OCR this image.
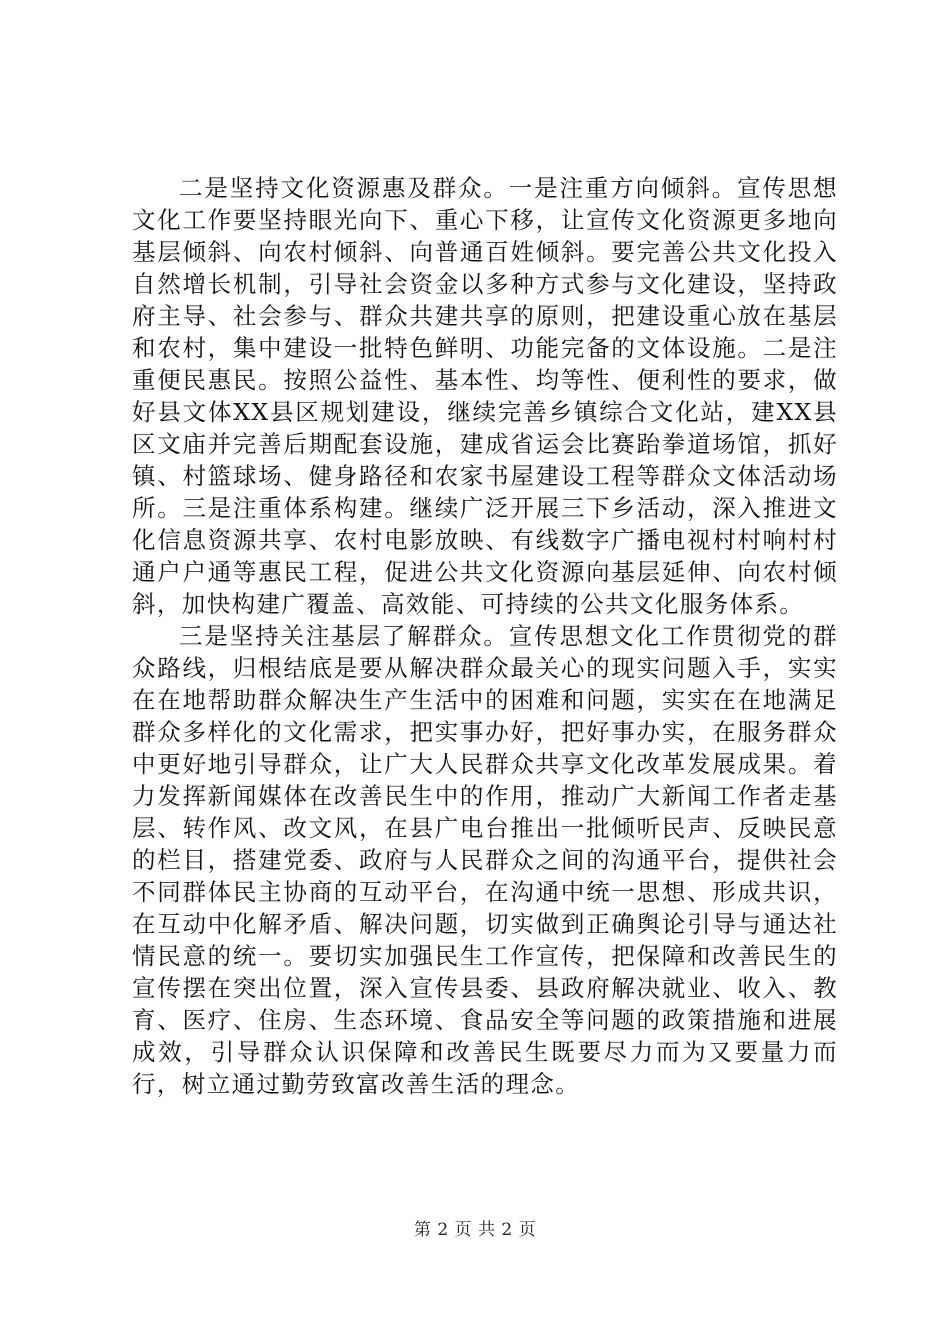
二是坚持文化资源惠及群众。一是注重方向倾斜。宣传思想文化工作要坚持眼光向下、重心下移，让宣传文化资源更多地向基层倾斜、向农村倾斜、向普通百姓倾斜。要完善公共文化投入自然增长机制，引导社会资金以多种方式参与文化建设，坚持政府主导、社会参与、群众共建共享的原则，把建设重心放在基层和农村，集中建设一批特色鲜明、功能完备的文体设施。二是注重便民惠民。按照公益性、基本性、均等性、便利性的要求，做好县文体XX县区规划建设，继续完善乡镇综合文化站，建XX县区文庙并完善后期配套设施，建成省运会比赛跆拳道场馆，抓好镇、村篮球场、健身路径和农家书屋建设工程等群众文体活动场所。三是注重体系构建。继续广泛开展三下乡活动，深入推进文化信息资源共享、农村电影放映、有线数字广播电视村村响村村通户户通等惠民工程，促进公共文化资源向基层延伸、向农村倾斜，加快构建广覆盖、高效能、可持续的公共文化服务体系。

三是坚持关注基层了解群众。宣传思想文化工作贯彻党的群众路线，归根结底是要从解决群众最关心的现实问题入手，实实在在地帮助群众解决生产生活中的困难和问题，实实在在地满足群众多样化的文化需求，把实事办好，把好事办实，在服务群众中更好地引导群众，让广大人民群众共享文化改革发展成果。着力发挥新闻媒体在改善民生中的作用，推动广大新闻工作者走基层、转作风、改文风，在县广电台推出一批倾听民声、反映民意的栏目，搭建党委、政府与人民群众之间的沟通平台，提供社会不同群体民主协商的互动平台，在沟通中统一思想、形成共识，在互动中化解矛盾、解决问题，切实做到正确舆论引导与通达社情民意的统一。要切实加强民生工作宣传，把保障和改善民生的宣传摆在突出位置，深入宣传县委、县政府解决就业、收入、教育、医疗、住房、生态环境、食品安全等问题的政策措施和进展成效，引导群众认识保障和改善民生既要尽力而为又要量力而行，树立通过勤劳致富改善生活的理念。

第 2 页 共 2 页
